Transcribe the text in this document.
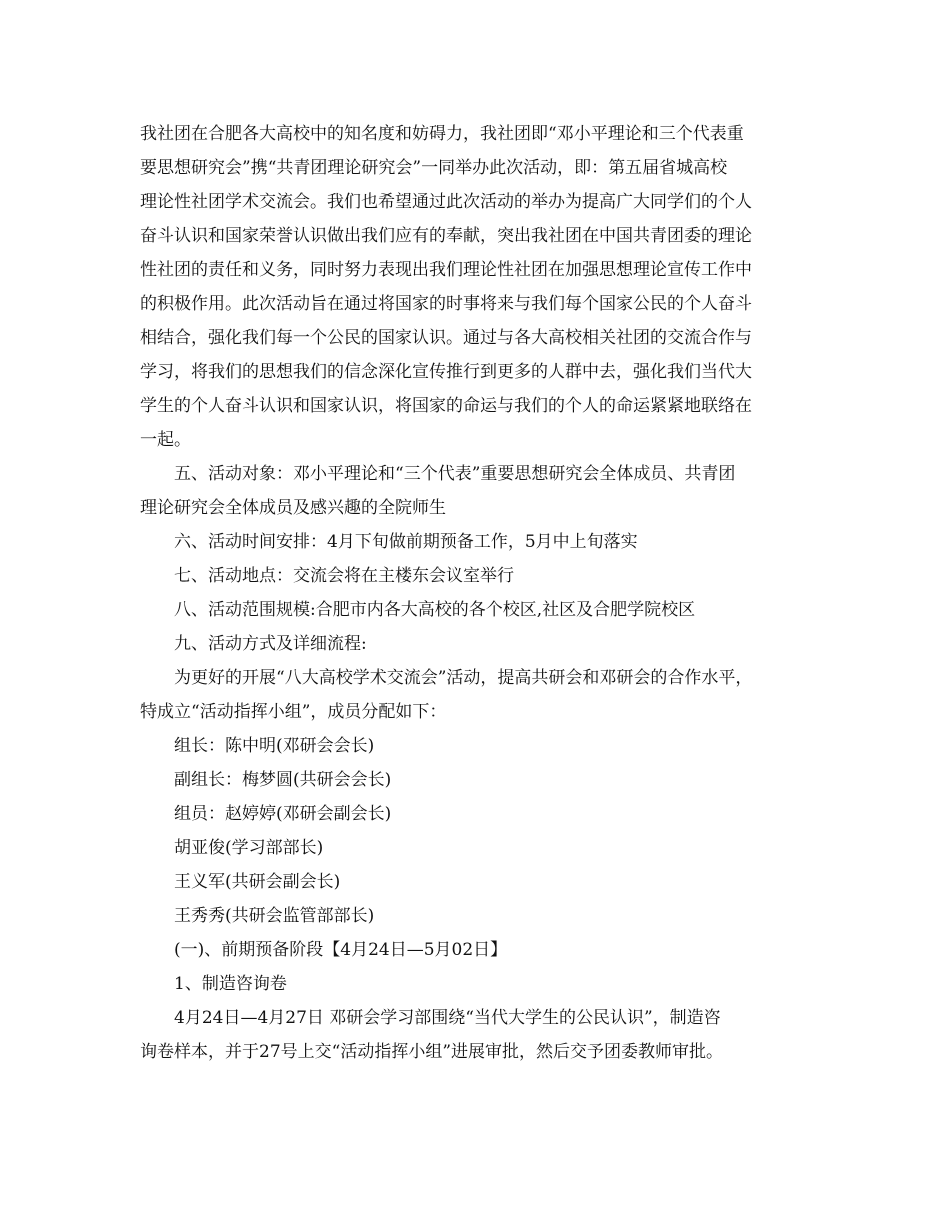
我社团在合肥各大高校中的知名度和妨碍力，我社团即“邓小平理论和三个代表重
要思想研究会”携“共青团理论研究会”一同举办此次活动，即：第五届省城高校
理论性社团学术交流会。我们也希望通过此次活动的举办为提高广大同学们的个人
奋斗认识和国家荣誉认识做出我们应有的奉献，突出我社团在中国共青团委的理论
性社团的责任和义务，同时努力表现出我们理论性社团在加强思想理论宣传工作中
的积极作用。此次活动旨在通过将国家的时事将来与我们每个国家公民的个人奋斗
相结合，强化我们每一个公民的国家认识。通过与各大高校相关社团的交流合作与
学习，将我们的思想我们的信念深化宣传推行到更多的人群中去，强化我们当代大
学生的个人奋斗认识和国家认识，将国家的命运与我们的个人的命运紧紧地联络在
一起。
五、活动对象：邓小平理论和“三个代表”重要思想研究会全体成员、共青团
理论研究会全体成员及感兴趣的全院师生
六、活动时间安排：4月下旬做前期预备工作，5月中上旬落实
七、活动地点：交流会将在主楼东会议室举行
八、活动范围规模:合肥市内各大高校的各个校区,社区及合肥学院校区
九、活动方式及详细流程:
为更好的开展“八大高校学术交流会”活动，提高共研会和邓研会的合作水平，
特成立“活动指挥小组”，成员分配如下：
组长：陈中明(邓研会会长)
副组长：梅梦圆(共研会会长)
组员：赵婷婷(邓研会副会长)
胡亚俊(学习部部长)
王义军(共研会副会长)
王秀秀(共研会监管部部长)
(一)、前期预备阶段【4月24日—5月02日】
1、制造咨询卷
4月24日—4月27日 邓研会学习部围绕“当代大学生的公民认识”，制造咨
询卷样本，并于27号上交“活动指挥小组”进展审批，然后交予团委教师审批。
